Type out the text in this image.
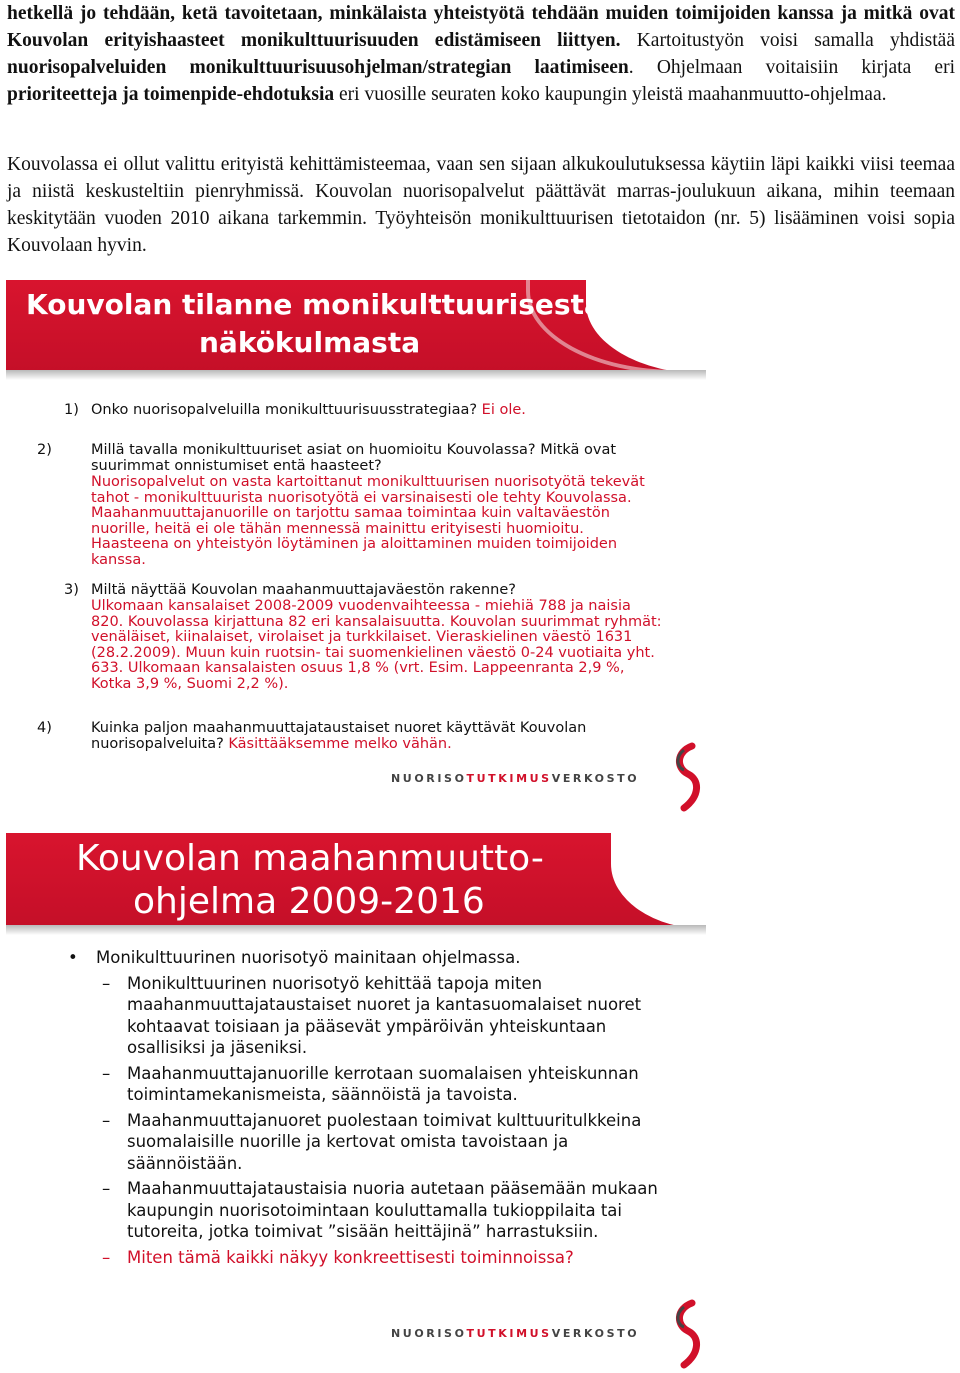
hetkellä jo tehdään, ketä tavoitetaan, minkälaista yhteistyötä tehdään muiden toimijoiden kanssa ja mitkä ovat Kouvolan erityishaasteet monikulttuurisuuden edistämiseen liittyen. Kartoitustyön voisi samalla yhdistää nuorisopalveluiden monikulttuurisuusohjelman/strategian laatimiseen. Ohjelmaan voitaisiin kirjata eri prioriteetteja ja toimenpide-ehdotuksia eri vuosille seuraten koko kaupungin yleistä maahanmuutto-ohjelmaa.

Kouvolassa ei ollut valittu erityistä kehittämisteemaa, vaan sen sijaan alkukoulutuksessa käytiin läpi kaikki viisi teemaa ja niistä keskusteltiin pienryhmissä. Kouvolan nuorisopalvelut päättävät marras-joulukuun aikana, mihin teemaan keskitytään vuoden 2010 aikana tarkemmin. Työyhteisön monikulttuurisen tietotaidon (nr. 5) lisääminen voisi sopia Kouvolaan hyvin.

Kouvolan tilanne monikulttuurisesta
näkökulmasta

1) Onko nuorisopalveluilla monikulttuurisuusstrategiaa? Ei ole.

2)	Millä tavalla monikulttuuriset asiat on huomioitu Kouvolassa? Mitkä ovat suurimmat onnistumiset entä haasteet?

Nuorisopalvelut on vasta kartoittanut monikulttuurisen nuorisotyötä tekevät tahot - monikulttuurista nuorisotyötä ei varsinaisesti ole tehty Kouvolassa. Maahanmuuttajanuorille on tarjottu samaa toimintaa kuin valtaväestön nuorille, heitä ei ole tähän mennessä mainittu erityisesti huomioitu. Haasteena on yhteistyön löytäminen ja aloittaminen muiden toimijoiden kanssa.

3) Miltä näyttää Kouvolan maahanmuuttajaväestön rakenne?

Ulkomaan kansalaiset 2008-2009 vuodenvaihteessa - miehiä 788 ja naisia 820. Kouvolassa kirjattuna 82 eri kansalaisuutta. Kouvolan suurimmat ryhmät: venäläiset, kiinalaiset, virolaiset ja turkkilaiset. Vieraskielinen väestö 1631 (28.2.2009). Muun kuin ruotsin- tai suomenkielinen väestö 0-24 vuotiaita yht. 633. Ulkomaan kansalaisten osuus 1,8 % (vrt. Esim. Lappeenranta 2,9 %, Kotka 3,9 %, Suomi 2,2 %).

4)	Kuinka paljon maahanmuuttajataustaiset nuoret käyttävät Kouvolan nuorisopalveluita? Käsittääksemme melko vähän.

NUORISOTUTKIMUSVERKOSTO
Kouvolan maahanmuutto-
ohjelma 2009-2016

• Monikulttuurinen nuorisotyö mainitaan ohjelmassa.

– Monikulttuurinen nuorisotyö kehittää tapoja miten maahanmuuttajataustaiset nuoret ja kantasuomalaiset nuoret kohtaavat toisiaan ja pääsevät ympäröivän yhteiskuntaan osallisiksi ja jäseniksi.

– Maahanmuuttajanuorille kerrotaan suomalaisen yhteiskunnan toimintamekanismeista, säännöistä ja tavoista.

– Maahanmuuttajanuoret puolestaan toimivat kulttuuritulkkeina suomalaisille nuorille ja kertovat omista tavoistaan ja säännöistään.

– Maahanmuuttajataustaisia nuoria autetaan pääsemään mukaan kaupungin nuorisotoimintaan kouluttamalla tukioppilaita tai tutoreita, jotka toimivat ”sisään heittäjinä” harrastuksiin.

– Miten tämä kaikki näkyy konkreettisesti toiminnoissa?

NUORISOTUTKIMUSVERKOSTO
